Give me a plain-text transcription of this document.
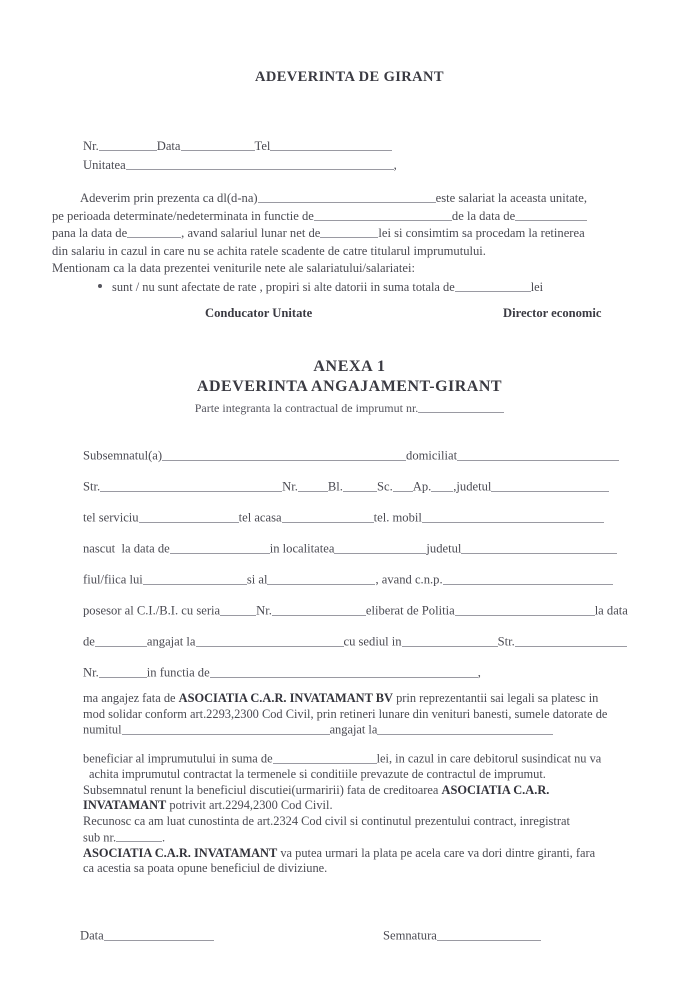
ADEVERINTA DE GIRANT
Nr.	Data	Tel
Unitatea	,
Adeverim prin prezenta ca dl(d-na)	este salariat la aceasta unitate,
pe perioada determinate/nedeterminata in functie de	de la data de
pana la data de	, avand salariul lunar net de	lei si consimtim sa procedam la retinerea
din salariu in cazul in care nu se achita ratele scadente de catre titularul imprumutului.
Mentionam ca la data prezentei veniturile nete ale salariatului/salariatei:
sunt / nu sunt afectate de rate , propiri si alte datorii in suma totala de	lei
Conducator Unitate	Director economic
ANEXA 1
ADEVERINTA ANGAJAMENT-GIRANT
Parte integranta la contractual de imprumut nr.
Subsemnatul(a)	domiciliat
Str.	Nr. Bl.	Sc. Ap. ,judetul
tel serviciu	tel acasa	tel. mobil
nascut  la data de	in localitatea	judetul
fiul/fiica lui	si al	, avand c.n.p.
posesor al C.I./B.I. cu seria	Nr.	eliberat de Politia	la data
de	angajat la	cu sediul in	Str.
Nr.	in functia de	,
ma angajez fata de ASOCIATIA C.A.R. INVATAMANT BV prin reprezentantii sai legali sa platesc in
mod solidar conform art.2293,2300 Cod Civil, prin retineri lunare din venituri banesti, sumele datorate de
numitul	angajat la
beneficiar al imprumutului in suma de	lei, in cazul in care debitorul susindicat nu va
achita imprumutul contractat la termenele si conditiile prevazute de contractul de imprumut.
Subsemnatul renunt la beneficiul discutiei(urmaririi) fata de creditoarea ASOCIATIA C.A.R.
INVATAMANT potrivit art.2294,2300 Cod Civil.
Recunosc ca am luat cunostinta de art.2324 Cod civil si continutul prezentului contract, inregistrat
sub nr.	.
ASOCIATIA C.A.R. INVATAMANT va putea urmari la plata pe acela care va dori dintre giranti, fara
ca acestia sa poata opune beneficiul de diviziune.
Data	Semnatura
